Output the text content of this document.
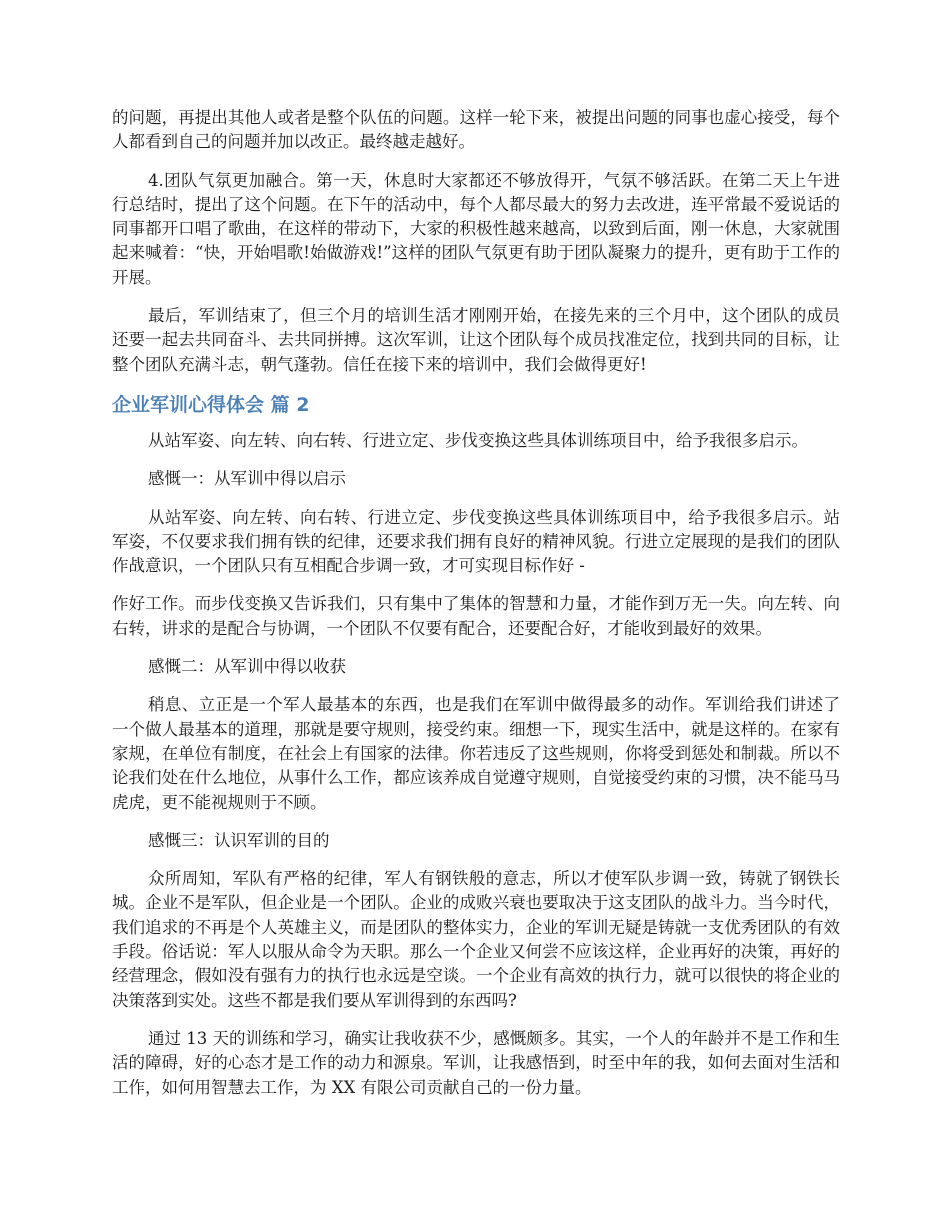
的问题，再提出其他人或者是整个队伍的问题。这样一轮下来，被提出问题的同事也虚心接受，每个人都看到自己的问题并加以改正。最终越走越好。

4.团队气氛更加融合。第一天，休息时大家都还不够放得开，气氛不够活跃。在第二天上午进行总结时，提出了这个问题。在下午的活动中，每个人都尽最大的努力去改进，连平常最不爱说话的同事都开口唱了歌曲，在这样的带动下，大家的积极性越来越高，以致到后面，刚一休息，大家就围起来喊着：“快，开始唱歌!始做游戏!”这样的团队气氛更有助于团队凝聚力的提升，更有助于工作的开展。

最后，军训结束了，但三个月的培训生活才刚刚开始，在接先来的三个月中，这个团队的成员还要一起去共同奋斗、去共同拼搏。这次军训，让这个团队每个成员找准定位，找到共同的目标，让整个团队充满斗志，朝气蓬勃。信任在接下来的培训中，我们会做得更好!

企业军训心得体会 篇 2

从站军姿、向左转、向右转、行进立定、步伐变换这些具体训练项目中，给予我很多启示。

感慨一：从军训中得以启示

从站军姿、向左转、向右转、行进立定、步伐变换这些具体训练项目中，给予我很多启示。站军姿，不仅要求我们拥有铁的纪律，还要求我们拥有良好的精神风貌。行进立定展现的是我们的团队作战意识，一个团队只有互相配合步调一致，才可实现目标作好 -

作好工作。而步伐变换又告诉我们，只有集中了集体的智慧和力量，才能作到万无一失。向左转、向右转，讲求的是配合与协调，一个团队不仅要有配合，还要配合好，才能收到最好的效果。

感慨二：从军训中得以收获

稍息、立正是一个军人最基本的东西，也是我们在军训中做得最多的动作。军训给我们讲述了一个做人最基本的道理，那就是要守规则，接受约束。细想一下，现实生活中，就是这样的。在家有家规，在单位有制度，在社会上有国家的法律。你若违反了这些规则，你将受到惩处和制裁。所以不论我们处在什么地位，从事什么工作，都应该养成自觉遵守规则，自觉接受约束的习惯，决不能马马虎虎，更不能视规则于不顾。

感慨三：认识军训的目的

众所周知，军队有严格的纪律，军人有钢铁般的意志，所以才使军队步调一致，铸就了钢铁长城。企业不是军队，但企业是一个团队。企业的成败兴衰也要取决于这支团队的战斗力。当今时代，我们追求的不再是个人英雄主义，而是团队的整体实力，企业的军训无疑是铸就一支优秀团队的有效手段。俗话说：军人以服从命令为天职。那么一个企业又何尝不应该这样，企业再好的决策，再好的经营理念，假如没有强有力的执行也永远是空谈。一个企业有高效的执行力，就可以很快的将企业的决策落到实处。这些不都是我们要从军训得到的东西吗?

通过 13 天的训练和学习，确实让我收获不少，感慨颇多。其实，一个人的年龄并不是工作和生活的障碍，好的心态才是工作的动力和源泉。军训，让我感悟到，时至中年的我，如何去面对生活和工作，如何用智慧去工作，为 XX 有限公司贡献自己的一份力量。
